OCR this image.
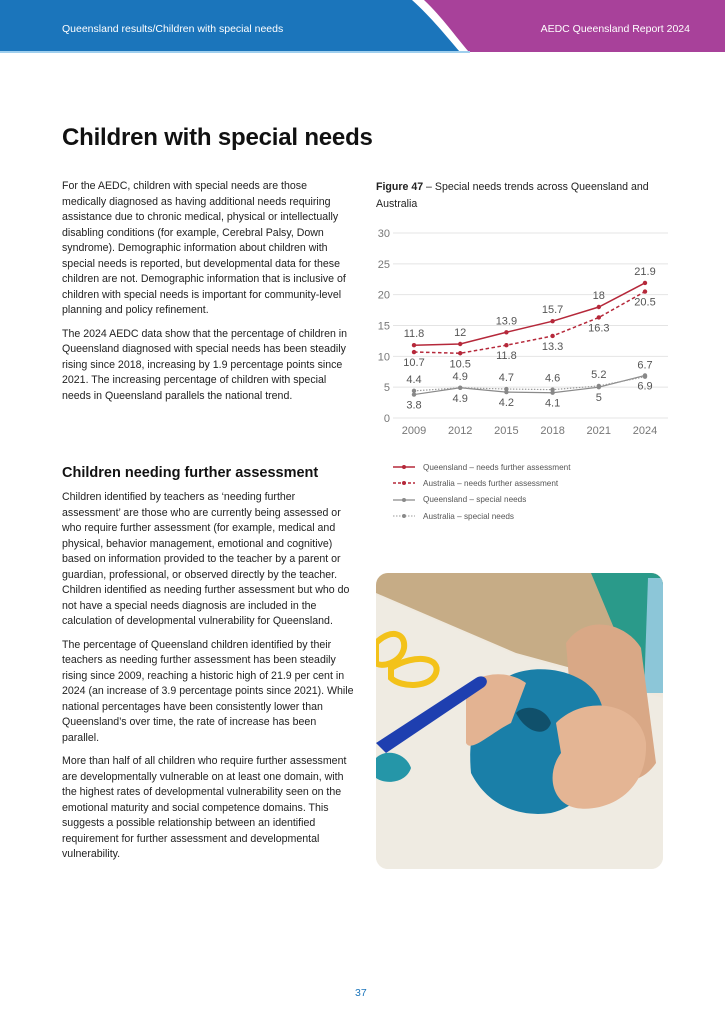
Queensland results/Children with special needs	AEDC Queensland Report 2024
Children with special needs

For the AEDC, children with special needs are those medically diagnosed as having additional needs requiring assistance due to chronic medical, physical or intellectually disabling conditions (for example, Cerebral Palsy, Down syndrome). Demographic information about children with special needs is reported, but developmental data for these children are not. Demographic information that is inclusive of children with special needs is important for community-level planning and policy refinement.

The 2024 AEDC data show that the percentage of children in Queensland diagnosed with special needs has been steadily rising since 2018, increasing by 1.9 percentage points since 2021. The increasing percentage of children with special needs in Queensland parallels the national trend.

Children needing further assessment

Children identified by teachers as ‘needing further assessment’ are those who are currently being assessed or who require further assessment (for example, medical and physical, behavior management, emotional and cognitive) based on information provided to the teacher by a parent or guardian, professional, or observed directly by the teacher. Children identified as needing further assessment but who do not have a special needs diagnosis are included in the calculation of developmental vulnerability for Queensland.

The percentage of Queensland children identified by their teachers as needing further assessment has been steadily rising since 2009, reaching a historic high of 21.9 per cent in 2024 (an increase of 3.9 percentage points since 2021). While national percentages have been consistently lower than Queensland’s over time, the rate of increase has been parallel.

More than half of all children who require further assessment are developmentally vulnerable on at least one domain, with the highest rates of developmental vulnerability seen on the emotional maturity and social competence domains. This suggests a possible relationship between an identified requirement for further assessment and developmental vulnerability.

Figure 47 – Special needs trends across Queensland and Australia
0
5
10
15
20
25
30
2009 2012 2015 2018 2021 2024
11.8	12
13.9
15.7
18
21.9
10.7 10.5
11.8
13.3
16.3
20.5
3.8
4.9	4.2	4.1	5
6.9
4.4	4.9	4.7	4.6	5.2
6.7
Queensland – needs further assessment
Australia – needs further assessment
Queensland – special needs
Australia – special needs
37
